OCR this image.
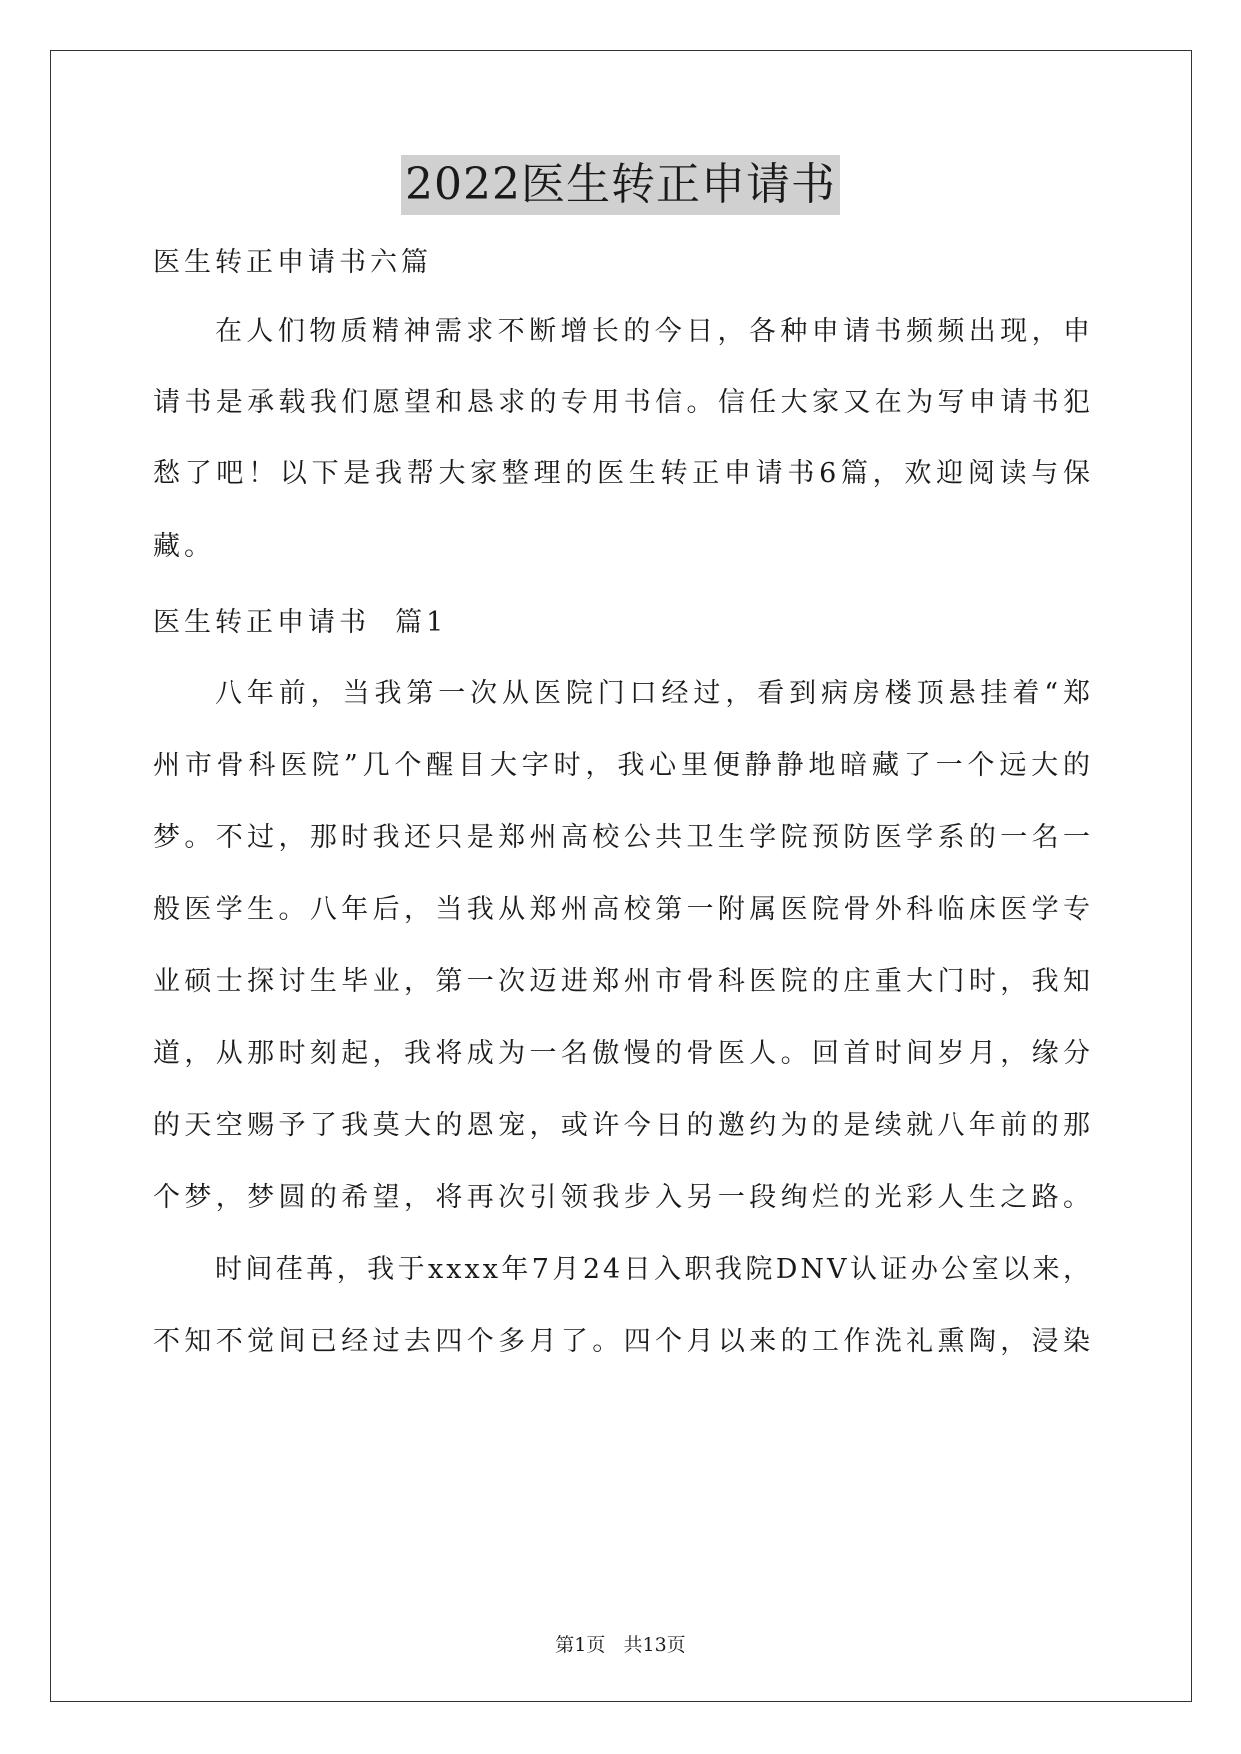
2022医生转正申请书

医生转正申请书六篇

在人们物质精神需求不断增长的今日，各种申请书频频出现，申

请书是承载我们愿望和恳求的专用书信。信任大家又在为写申请书犯

愁了吧！以下是我帮大家整理的医生转正申请书6篇，欢迎阅读与保

藏。

医生转正申请书  篇1

八年前，当我第一次从医院门口经过，看到病房楼顶悬挂着“郑

州市骨科医院”几个醒目大字时，我心里便静静地暗藏了一个远大的

梦。不过，那时我还只是郑州高校公共卫生学院预防医学系的一名一

般医学生。八年后，当我从郑州高校第一附属医院骨外科临床医学专

业硕士探讨生毕业，第一次迈进郑州市骨科医院的庄重大门时，我知

道，从那时刻起，我将成为一名傲慢的骨医人。回首时间岁月，缘分

的天空赐予了我莫大的恩宠，或许今日的邀约为的是续就八年前的那

个梦，梦圆的希望，将再次引领我步入另一段绚烂的光彩人生之路。

时间荏苒，我于xxxx年7月24日入职我院DNV认证办公室以来，

不知不觉间已经过去四个多月了。四个月以来的工作洗礼熏陶，浸染

第1页   共13页
